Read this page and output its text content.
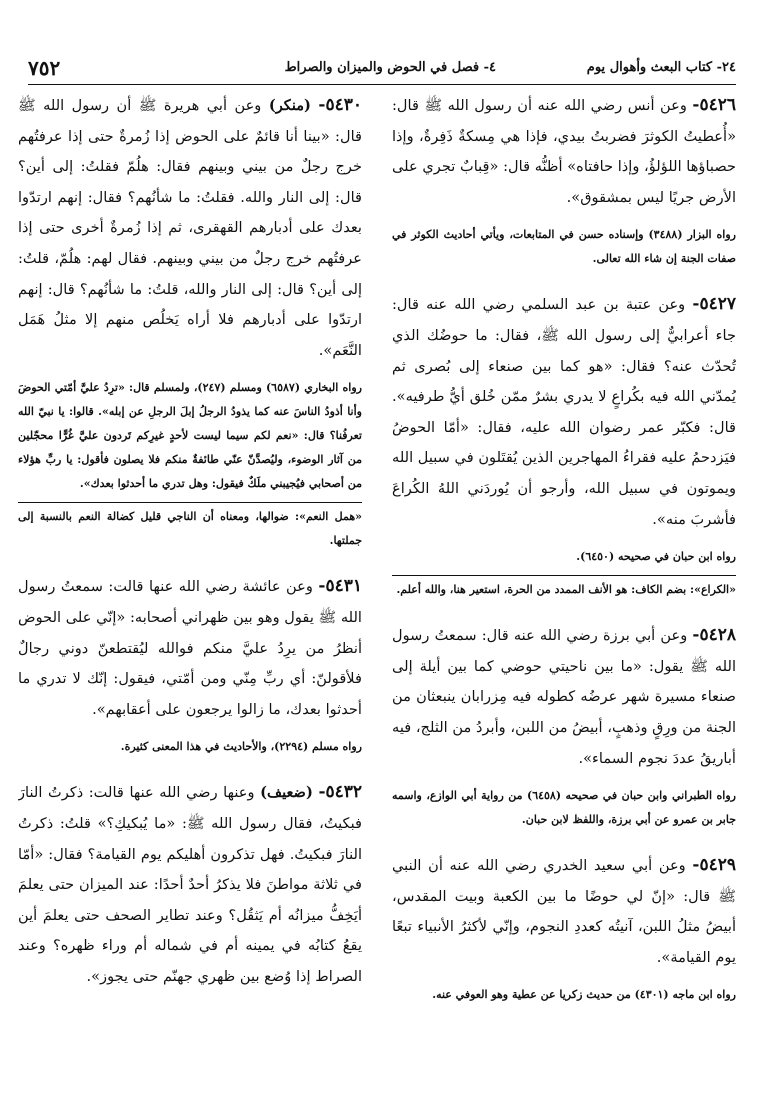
٢٤- كتاب البعث وأهوال يوم
٤- فصل في الحوض والميزان والصراط
٧٥٢

٥٤٢٦- وعن أنس رضي الله عنه أن رسول الله ﷺ قال: «أُعطيتُ الكوثرَ فضربتُ بيدي، فإذا هي مِسكةٌ ذَفِرةٌ، وإذا حصباؤها اللؤلؤُ، وإذا حافتاه» أظنُّه قال: «قِبابٌ تجري على الأرض جريًا ليس بمشقوق».

رواه البزار (٣٤٨٨) وإسناده حسن في المتابعات، ويأتي أحاديث الكوثر في صفات الجنة إن شاء الله تعالى.

٥٤٢٧- وعن عتبة بن عبد السلمي رضي الله عنه قال: جاء أعرابيٌّ إلى رسول الله ﷺ، فقال: ما حوضُك الذي تُحدّث عنه؟ فقال: «هو كما بين صنعاء إلى بُصرى ثم يُمدّني الله فيه بكُراعٍ لا يدري بشرٌ ممّن خُلق أيُّ طرفيه». قال: فكبّر عمر رضوان الله عليه، فقال: «أمّا الحوضُ فيَزدحمُ عليه فقراءُ المهاجرين الذين يُقتَلون في سبيل الله ويموتون في سبيل الله، وأرجو أن يُوردَني اللهُ الكُراعَ فأشربَ منه».

رواه ابن حبان في صحيحه (٦٤٥٠).

«الكراع»: بضم الكاف: هو الأنف الممدد من الحرة، استعير هنا، والله أعلم.

٥٤٢٨- وعن أبي برزة رضي الله عنه قال: سمعتُ رسول الله ﷺ يقول: «ما بين ناحيتي حوضي كما بين أيلة إلى صنعاء مسيرة شهر عرضُه كطوله فيه مِزرابان ينبعثان من الجنة من ورِقٍ وذهبٍ، أبيضُ من اللبن، وأبردُ من الثلج، فيه أباريقُ عددَ نجوم السماء».

رواه الطبراني وابن حبان في صحيحه (٦٤٥٨) من رواية أبي الوازع، واسمه جابر بن عمرو عن أبي برزة، واللفظ لابن حبان.

٥٤٢٩- وعن أبي سعيد الخدري رضي الله عنه أن النبي ﷺ قال: «إنّ لي حوضًا ما بين الكعبة وبيت المقدس، أبيضُ مثلُ اللبن، آنيتُه كعددِ النجوم، وإنّي لأكثرُ الأنبياء تبعًا يوم القيامة».

رواه ابن ماجه (٤٣٠١) من حديث زكريا عن عطية وهو العوفي عنه.

٥٤٣٠- (منكر) وعن أبي هريرة ﷺ أن رسول الله ﷺ قال: «بينا أنا قائمٌ على الحوض إذا زُمرةٌ حتى إذا عرفتُهم خرج رجلٌ من بيني وبينهم فقال: هلُمّ فقلتُ: إلى أين؟ قال: إلى النار والله. فقلتُ: ما شأنُهم؟ فقال: إنهم ارتدّوا بعدك على أدبارهم القهقرى، ثم إذا زُمرةٌ أخرى حتى إذا عرفتُهم خرج رجلٌ من بيني وبينهم. فقال لهم: هلُمّ، قلتُ: إلى أين؟ قال: إلى النار والله، قلتُ: ما شأنُهم؟ قال: إنهم ارتدّوا على أدبارهم فلا أراه يَخلُص منهم إلا مثلُ هَمَل النَّعَم».

رواه البخاري (٦٥٨٧) ومسلم (٢٤٧)، ولمسلم قال: «ترِدُ عليَّ أمّتي الحوضَ وأنا أذودُ الناسَ عنه كما يذودُ الرجلُ إبلَ الرجلِ عن إبله». قالوا: يا نبيّ الله تعرفُنا؟ قال: «نعم لكم سيما ليست لأحدٍ غيرِكم تَردون عليَّ غُرًّا محجّلين من آثار الوضوء، وليُصدَّنّ عنّي طائفةٌ منكم فلا يصلون فأقول: يا ربِّ هؤلاء من أصحابي فيُجيبني ملَكٌ فيقول: وهل تدري ما أحدثوا بعدك».

«همل النعم»: ضوالها، ومعناه أن الناجي قليل كضالة النعم بالنسبة إلى جملتها.

٥٤٣١- وعن عائشة رضي الله عنها قالت: سمعتُ رسول الله ﷺ يقول وهو بين ظهراني أصحابه: «إنّي على الحوض أنظرُ من يرِدُ عليَّ منكم فوالله ليُقتطعنّ دوني رجالٌ فلأقولنّ: أي ربِّ مِنّي ومن أمّتي، فيقول: إنّك لا تدري ما أحدثوا بعدك، ما زالوا يرجعون على أعقابهم».

رواه مسلم (٢٢٩٤)، والأحاديث في هذا المعنى كثيرة.

٥٤٣٢- (ضعيف) وعنها رضي الله عنها قالت: ذكرتُ النارَ فبكيتُ، فقال رسول الله ﷺ: «ما يُبكيكِ؟» قلتُ: ذكرتُ النارَ فبكيتُ. فهل تذكرون أهليكم يوم القيامة؟ فقال: «أمّا في ثلاثة مواطنَ فلا يذكرُ أحدٌ أحدًا: عند الميزان حتى يعلمَ أيَخِفُّ ميزانُه أم يَثقُل؟ وعند تطاير الصحف حتى يعلمَ أين يقعُ كتابُه في يمينه أم في شماله أم وراء ظهره؟ وعند الصراط إذا وُضع بين ظهري جهنّم حتى يجوز».
